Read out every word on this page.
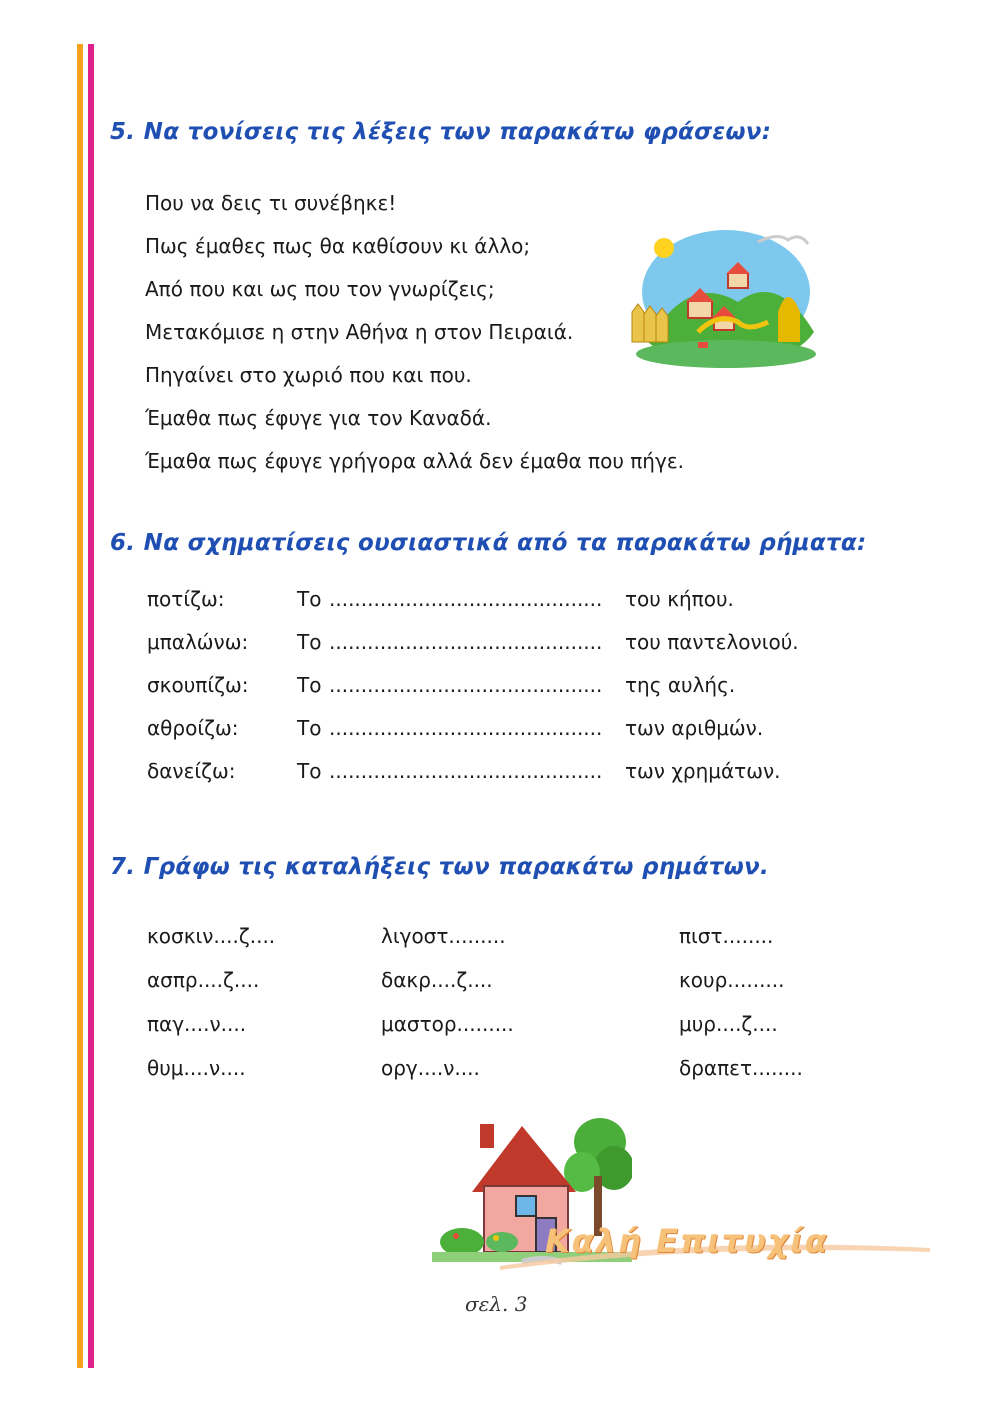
5. Να τονίσεις τις λέξεις των παρακάτω φράσεων:
Που να δεις τι συνέβηκε!
Πως έμαθες πως θα καθίσουν κι άλλο;
Από που και ως που τον γνωρίζεις;
Μετακόμισε η στην Αθήνα η στον Πειραιά.
Πηγαίνει στο χωριό που και που.
Έμαθα πως έφυγε για τον Καναδά.
Έμαθα πως έφυγε γρήγορα αλλά δεν έμαθα που πήγε.
6. Να σχηματίσεις ουσιαστικά από τα παρακάτω ρήματα:
ποτίζω:	Το ........................................... του κήπου.
μπαλώνω: Το ........................................... του παντελονιού.
σκουπίζω: Το ........................................... της αυλής.
αθροίζω:	Το ........................................... των αριθμών.
δανείζω:	Το ........................................... των χρημάτων.
7. Γράφω τις καταλήξεις των παρακάτω ρημάτων.
κοσκιν....ζ....	λιγοστ.........	πιστ........
ασπρ....ζ....	δακρ....ζ....	κουρ.........
παγ....ν....	μαστορ.........	μυρ....ζ....
θυμ....ν....	οργ....ν....	δραπετ........
Καλή Επιτυχία
σελ. 3
